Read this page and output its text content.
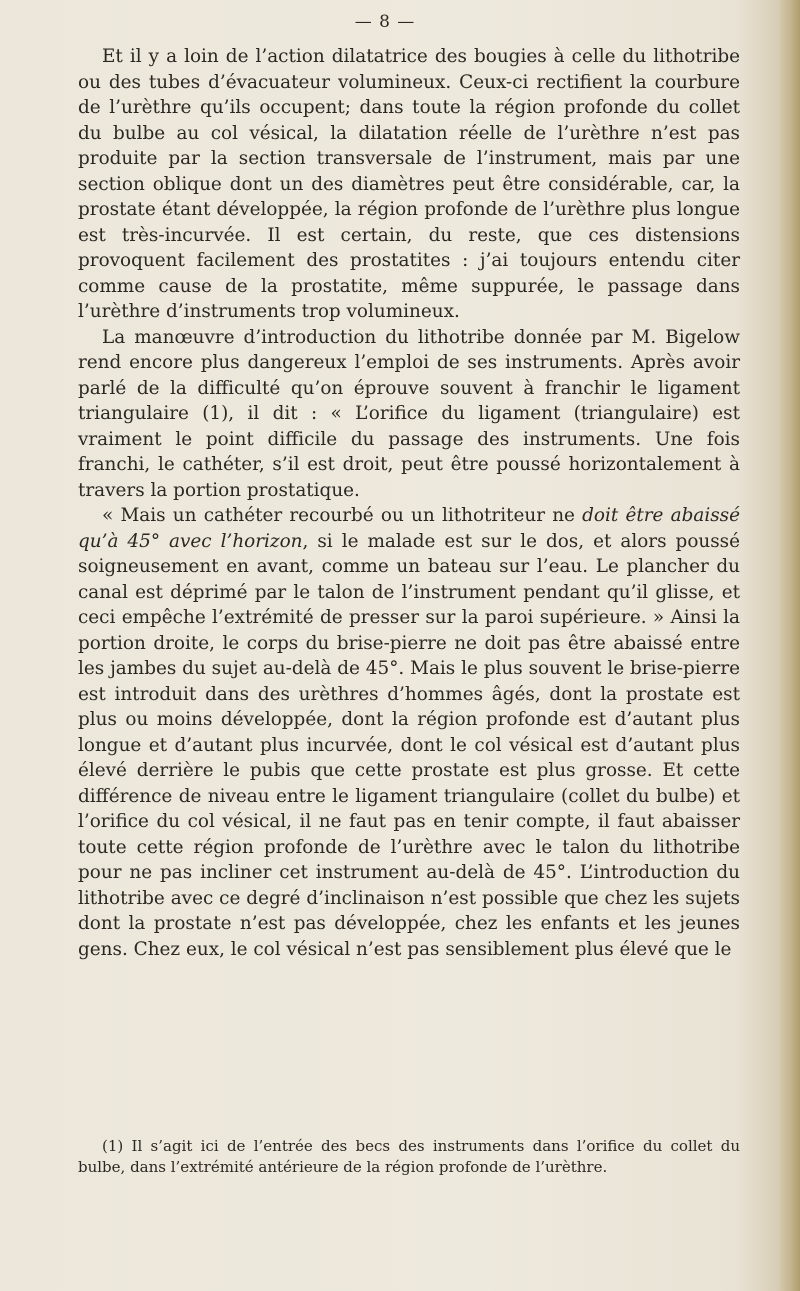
— 8 —

Et il y a loin de l’action dilatatrice des bougies à celle du lithotribe ou des tubes d’évacuateur volumineux. Ceux-ci rectifient la courbure de l’urèthre qu’ils occupent; dans toute la région profonde du collet du bulbe au col vésical, la dilatation réelle de l’urèthre n’est pas produite par la section transversale de l’instrument, mais par une section oblique dont un des diamètres peut être considérable, car, la prostate étant développée, la région profonde de l’urèthre plus longue est très-incurvée. Il est certain, du reste, que ces distensions provoquent facilement des prostatites : j’ai toujours entendu citer comme cause de la prostatite, même suppurée, le passage dans l’urèthre d’instruments trop volumineux.

La manœuvre d’introduction du lithotribe donnée par M. Bigelow rend encore plus dangereux l’emploi de ses instruments. Après avoir parlé de la difficulté qu’on éprouve souvent à franchir le ligament triangulaire (1), il dit : « L’orifice du ligament (triangulaire) est vraiment le point difficile du passage des instruments. Une fois franchi, le cathéter, s’il est droit, peut être poussé horizontalement à travers la portion prostatique.

« Mais un cathéter recourbé ou un lithotriteur ne doit être abaissé qu’à 45° avec l’horizon, si le malade est sur le dos, et alors poussé soigneusement en avant, comme un bateau sur l’eau. Le plancher du canal est déprimé par le talon de l’instrument pendant qu’il glisse, et ceci empêche l’extrémité de presser sur la paroi supérieure. » Ainsi la portion droite, le corps du brise-pierre ne doit pas être abaissé entre les jambes du sujet au-delà de 45°. Mais le plus souvent le brise-pierre est introduit dans des urèthres d’hommes âgés, dont la prostate est plus ou moins développée, dont la région profonde est d’autant plus longue et d’autant plus incurvée, dont le col vésical est d’autant plus élevé derrière le pubis que cette prostate est plus grosse. Et cette différence de niveau entre le ligament triangulaire (collet du bulbe) et l’orifice du col vésical, il ne faut pas en tenir compte, il faut abaisser toute cette région profonde de l’urèthre avec le talon du lithotribe pour ne pas incliner cet instrument au-delà de 45°. L’introduction du lithotribe avec ce degré d’inclinaison n’est possible que chez les sujets dont la prostate n’est pas développée, chez les enfants et les jeunes gens. Chez eux, le col vésical n’est pas sensiblement plus élevé que le

(1) Il s’agit ici de l’entrée des becs des instruments dans l’orifice du collet du bulbe, dans l’extrémité antérieure de la région profonde de l’urèthre.
